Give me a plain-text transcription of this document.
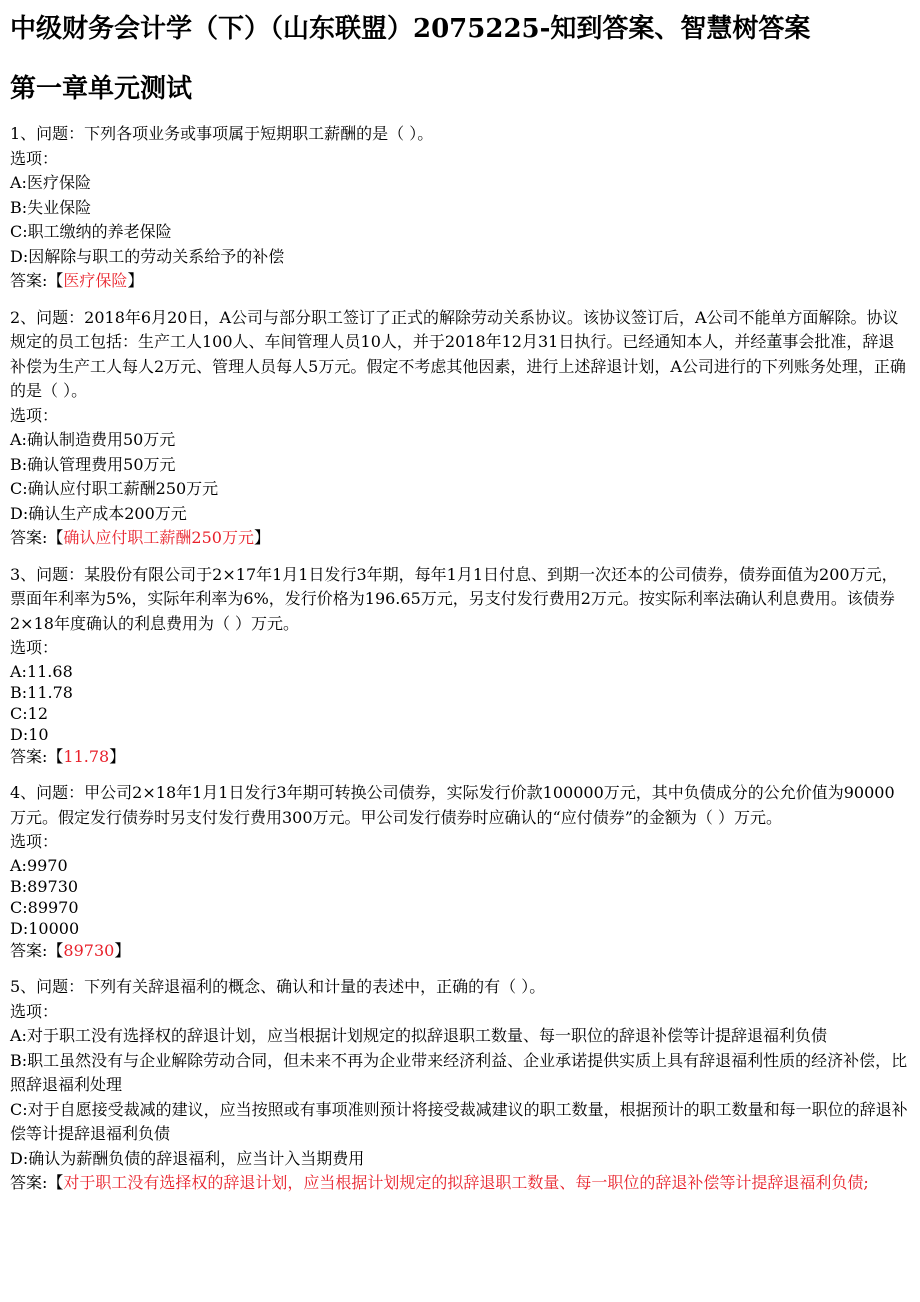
中级财务会计学（下）（山东联盟）2075225-知到答案、智慧树答案
第一章单元测试
1、问题：下列各项业务或事项属于短期职工薪酬的是（ ）。
选项：
A:医疗保险
B:失业保险
C:职工缴纳的养老保险
D:因解除与职工的劳动关系给予的补偿
答案:【医疗保险】
2、问题：2018年6月20日，A公司与部分职工签订了正式的解除劳动关系协议。该协议签订后，A公司不能单方面解除。协议规定的员工包括：生产工人100人、车间管理人员10人，并于2018年12月31日执行。已经通知本人，并经董事会批准，辞退补偿为生产工人每人2万元、管理人员每人5万元。假定不考虑其他因素，进行上述辞退计划，A公司进行的下列账务处理，正确的是（ ）。
选项：
A:确认制造费用50万元
B:确认管理费用50万元
C:确认应付职工薪酬250万元
D:确认生产成本200万元
答案:【确认应付职工薪酬250万元】
3、问题：某股份有限公司于2×17年1月1日发行3年期，每年1月1日付息、到期一次还本的公司债券，债券面值为200万元，票面年利率为5%，实际年利率为6%，发行价格为196.65万元，另支付发行费用2万元。按实际利率法确认利息费用。该债券2×18年度确认的利息费用为（ ）万元。
选项：
A:11.68
B:11.78
C:12
D:10
答案:【11.78】
4、问题：甲公司2×18年1月1日发行3年期可转换公司债券，实际发行价款100000万元，其中负债成分的公允价值为90000万元。假定发行债券时另支付发行费用300万元。甲公司发行债券时应确认的“应付债券”的金额为（ ）万元。
选项：
A:9970
B:89730
C:89970
D:10000
答案:【89730】
5、问题：下列有关辞退福利的概念、确认和计量的表述中，正确的有（ ）。
选项：
A:对于职工没有选择权的辞退计划，应当根据计划规定的拟辞退职工数量、每一职位的辞退补偿等计提辞退福利负债
B:职工虽然没有与企业解除劳动合同，但未来不再为企业带来经济利益、企业承诺提供实质上具有辞退福利性质的经济补偿，比照辞退福利处理
C:对于自愿接受裁减的建议，应当按照或有事项准则预计将接受裁减建议的职工数量，根据预计的职工数量和每一职位的辞退补偿等计提辞退福利负债
D:确认为薪酬负债的辞退福利，应当计入当期费用
答案:【对于职工没有选择权的辞退计划，应当根据计划规定的拟辞退职工数量、每一职位的辞退补偿等计提辞退福利负债;
